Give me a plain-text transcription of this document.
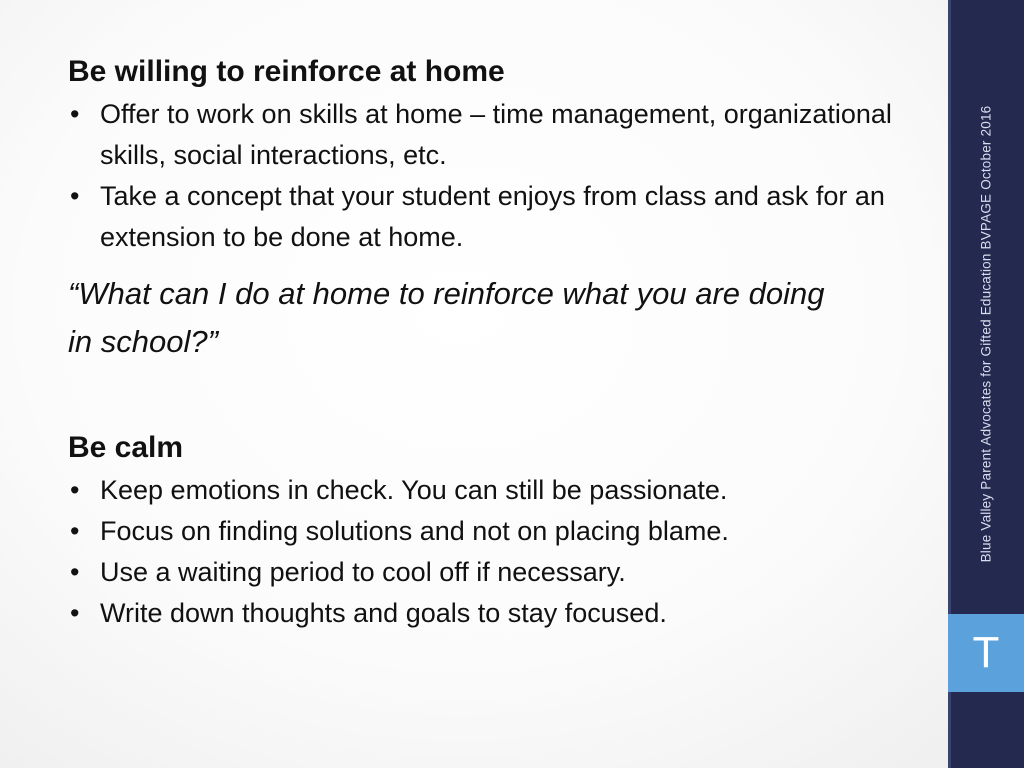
Be willing to reinforce at home
• Offer to work on skills at home – time management, organizational skills, social interactions, etc.
• Take a concept that your student enjoys from class and ask for an extension to be done at home.

“What can I do at home to reinforce what you are doing in school?”

Be calm
• Keep emotions in check. You can still be passionate.
• Focus on finding solutions and not on placing blame.
• Use a waiting period to cool off if necessary.
• Write down thoughts and goals to stay focused.
Blue Valley Parent Advocates for Gifted Education BVPAGE October 2016
T
